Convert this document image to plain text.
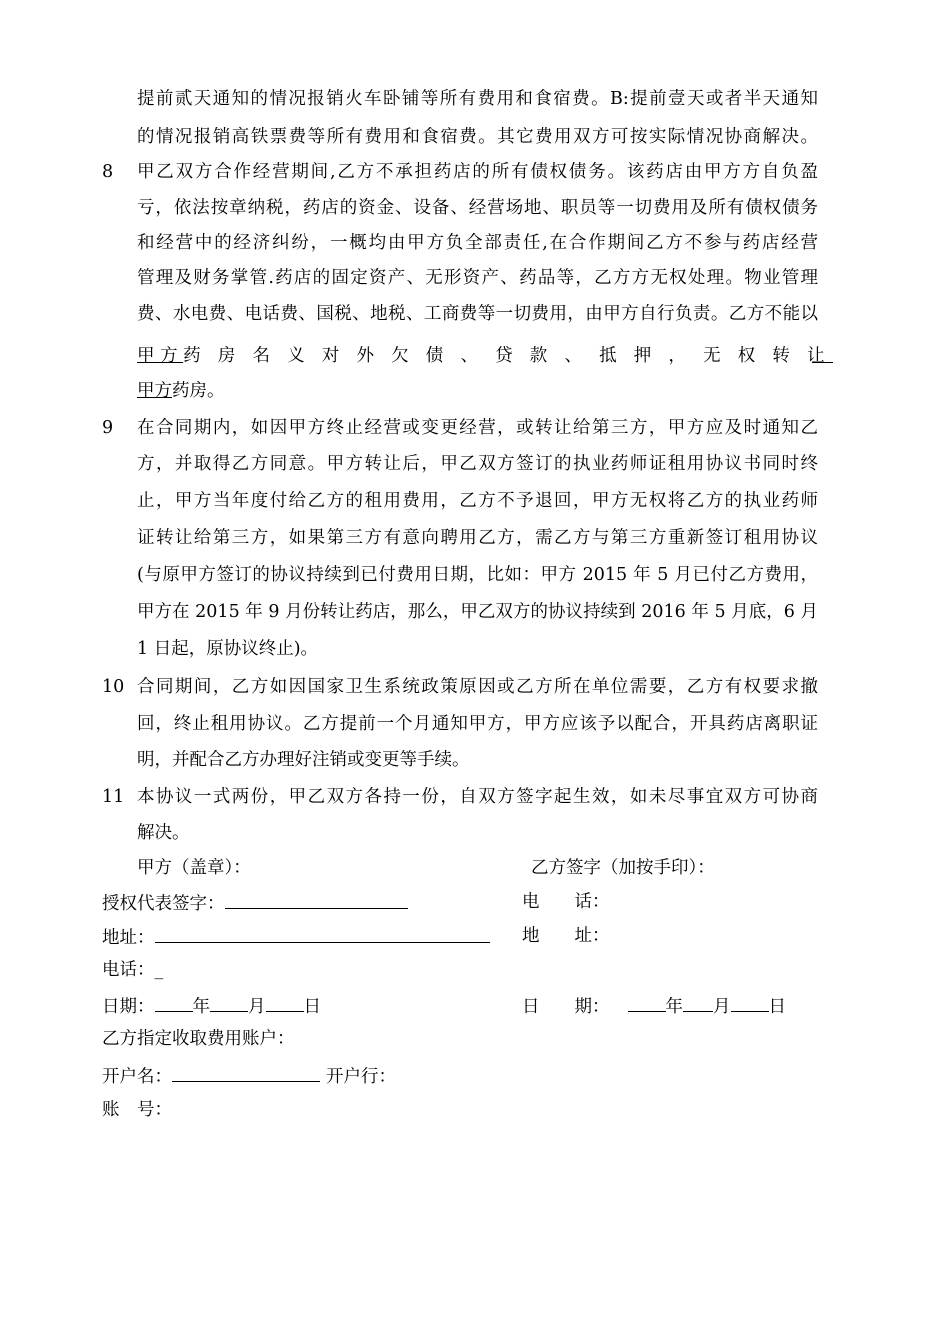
提前贰天通知的情况报销火车卧铺等所有费用和食宿费。B:提前壹天或者半天通知
的情况报销高铁票费等所有费用和食宿费。其它费用双方可按实际情况协商解决。
8 甲乙双方合作经营期间,乙方不承担药店的所有债权债务。该药店由甲方方自负盈
亏，依法按章纳税，药店的资金、设备、经营场地、职员等一切费用及所有债权债务
和经营中的经济纠纷，一概均由甲方负全部责任,在合作期间乙方不参与药店经营
管理及财务掌管.药店的固定资产、无形资产、药品等，乙方方无权处理。物业管理
费、水电费、电话费、国税、地税、工商费等一切费用，由甲方自行负责。乙方不能以
甲 方 药 房 名 义 对 外 欠 债 、 贷 款 、 抵 押 ， 无 权 转 让
甲方药房。
9 在合同期内，如因甲方终止经营或变更经营，或转让给第三方，甲方应及时通知乙
方，并取得乙方同意。甲方转让后，甲乙双方签订的执业药师证租用协议书同时终
止，甲方当年度付给乙方的租用费用，乙方不予退回，甲方无权将乙方的执业药师
证转让给第三方，如果第三方有意向聘用乙方，需乙方与第三方重新签订租用协议
(与原甲方签订的协议持续到已付费用日期，比如：甲方 2015 年 5 月已付乙方费用，
甲方在 2015 年 9 月份转让药店，那么，甲乙双方的协议持续到 2016 年 5 月底，6 月
1 日起，原协议终止)。
10 合同期间，乙方如因国家卫生系统政策原因或乙方所在单位需要，乙方有权要求撤
回，终止租用协议。乙方提前一个月通知甲方，甲方应该予以配合，开具药店离职证
明，并配合乙方办理好注销或变更等手续。
11 本协议一式两份，甲乙双方各持一份，自双方签字起生效，如未尽事宜双方可协商
解决。
甲方（盖章）：	乙方签字（加按手印）：
授权代表签字：	电　　话：
地址：	地　　址：
电话：_
日期： 年 月 日	日　　期：	年 月 日
乙方指定收取费用账户：
开户名：	开户行：
账　号：
